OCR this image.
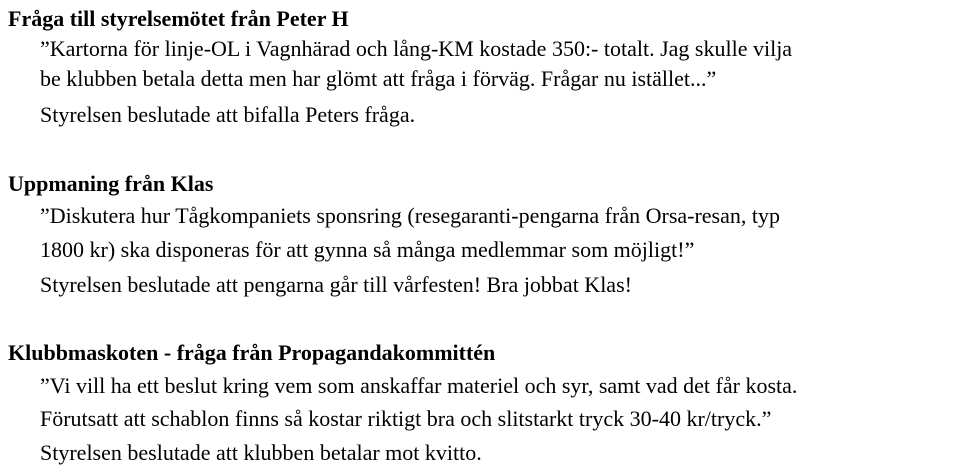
Fråga till styrelsemötet från Peter H
”Kartorna för linje-OL i Vagnhärad och lång-KM kostade 350:- totalt. Jag skulle vilja
be klubben betala detta men har glömt att fråga i förväg. Frågar nu istället...”
Styrelsen beslutade att bifalla Peters fråga.
Uppmaning från Klas
”Diskutera hur Tågkompaniets sponsring (resegaranti-pengarna från Orsa-resan, typ
1800 kr) ska disponeras för att gynna så många medlemmar som möjligt!”
Styrelsen beslutade att pengarna går till vårfesten! Bra jobbat Klas!
Klubbmaskoten - fråga från Propagandakommittén
”Vi vill ha ett beslut kring vem som anskaffar materiel och syr, samt vad det får kosta.
Förutsatt att schablon finns så kostar riktigt bra och slitstarkt tryck 30-40 kr/tryck.”
Styrelsen beslutade att klubben betalar mot kvitto.
